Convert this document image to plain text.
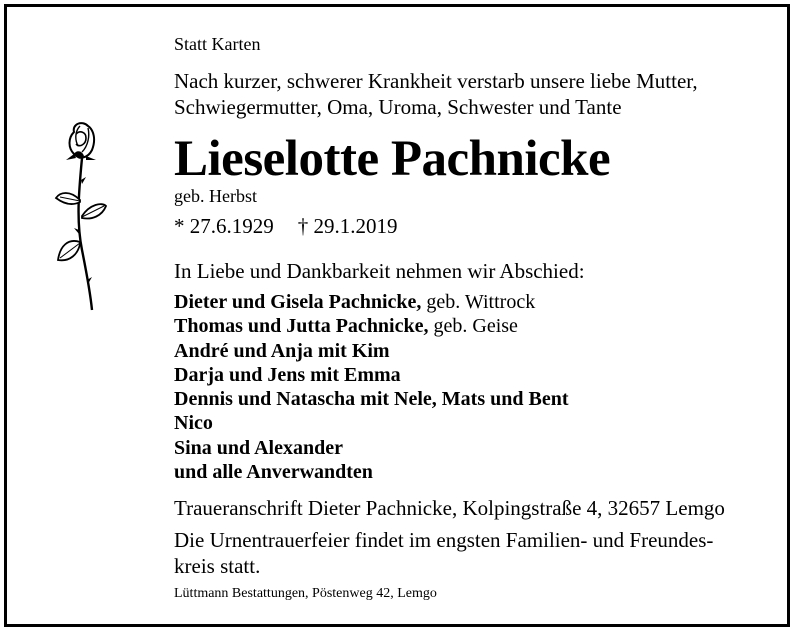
Statt Karten
Nach kurzer, schwerer Krankheit verstarb unsere liebe Mutter,
Schwiegermutter, Oma, Uroma, Schwester und Tante
Lieselotte Pachnicke
geb. Herbst
* 27.6.1929 † 29.1.2019
In Liebe und Dankbarkeit nehmen wir Abschied:
Dieter und Gisela Pachnicke, geb. Wittrock
Thomas und Jutta Pachnicke, geb. Geise
André und Anja mit Kim
Darja und Jens mit Emma
Dennis und Natascha mit Nele, Mats und Bent
Nico
Sina und Alexander
und alle Anverwandten
Traueranschrift Dieter Pachnicke, Kolpingstraße 4, 32657 Lemgo
Die Urnentrauerfeier findet im engsten Familien- und Freundes-
kreis statt.
Lüttmann Bestattungen, Pöstenweg 42, Lemgo
